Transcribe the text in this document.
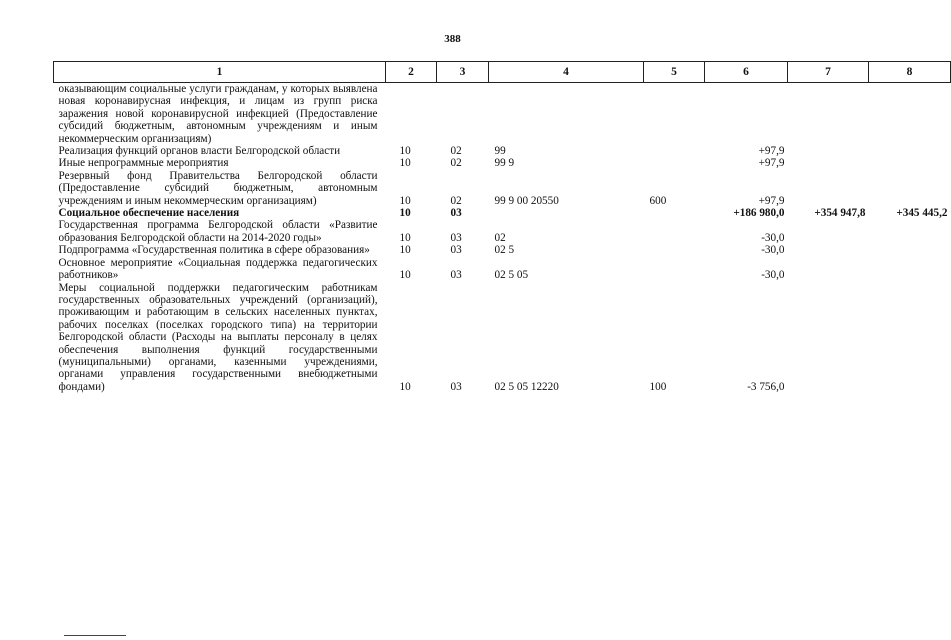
388
1	2	3	4	5	6	7	8
оказывающим социальные услуги гражданам, у которых выявлена новая коронавирусная инфекция, и лицам из групп риска заражения новой коронавирусной инфекцией (Предоставление субсидий бюджетным, автономным учреждениям и иным некоммерческим организациям)							
Реализация функций органов власти Белгородской области	10	02	99		+97,9		
Иные непрограммные мероприятия	10	02	99 9		+97,9		
Резервный фонд Правительства Белгородской области (Предоставление субсидий бюджетным, автономным учреждениям и иным некоммерческим организациям)	10	02	99 9 00 20550	600	+97,9		
Социальное обеспечение населения	10	03			+186 980,0	+354 947,8	+345 445,2
Государственная программа Белгородской области «Развитие образования Белгородской области на 2014-2020 годы»	10	03	02		-30,0		
Подпрограмма «Государственная политика в сфере образования»	10	03	02 5		-30,0		
Основное мероприятие «Социальная поддержка педагогических работников»	10	03	02 5 05		-30,0		
Меры социальной поддержки педагогическим работникам государственных образовательных учреждений (организаций), проживающим и работающим в сельских населенных пунктах, рабочих поселках (поселках городского типа) на территории Белгородской области (Расходы на выплаты персоналу в целях обеспечения выполнения функций государственными (муниципальными) органами, казенными учреждениями, органами управления государственными внебюджетными фондами)	10	03	02 5 05 12220	100	-3 756,0		
